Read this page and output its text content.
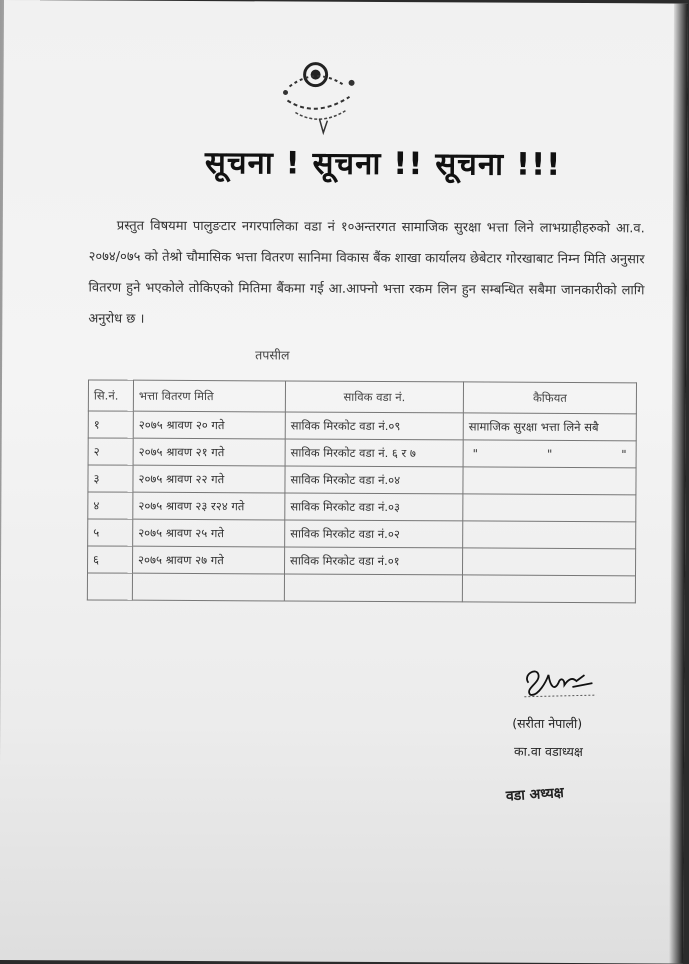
सूचना ! सूचना !! सूचना !!!
प्रस्तुत विषयमा पालुङटार नगरपालिका वडा नं १०अन्तरगत सामाजिक सुरक्षा भत्ता लिने लाभग्राहीहरुको आ.व. २०७४/०७५ को तेश्रो चौमासिक भत्ता वितरण सानिमा विकास बैंक शाखा कार्यालय छेबेटार गोरखाबाट निम्न मिति अनुसार वितरण हुने भएकोले तोकिएको मितिमा बैंकमा गई आ.आफ्नो भत्ता रकम लिन हुन सम्बन्धित सबैमा जानकारीको लागि अनुरोध छ ।
तपसील
सि.नं.	भत्ता वितरण मिति	साविक वडा नं.	कैफियत
१	२०७५ श्रावण २० गते	साविक मिरकोट वडा नं.०९	सामाजिक सुरक्षा भत्ता लिने सबै
२	२०७५ श्रावण २१ गते	साविक मिरकोट वडा नं. ६ र ७	" " "

३	२०७५ श्रावण २२ गते	साविक मिरकोट वडा नं.०४	
४	२०७५ श्रावण २३ र२४ गते	साविक मिरकोट वडा नं.०३	
५	२०७५ श्रावण २५ गते	साविक मिरकोट वडा नं.०२	
६	२०७५ श्रावण २७ गते	साविक मिरकोट वडा नं.०१	

(सरीता नेपाली)
का.वा वडाध्यक्ष
वडा अध्यक्ष
